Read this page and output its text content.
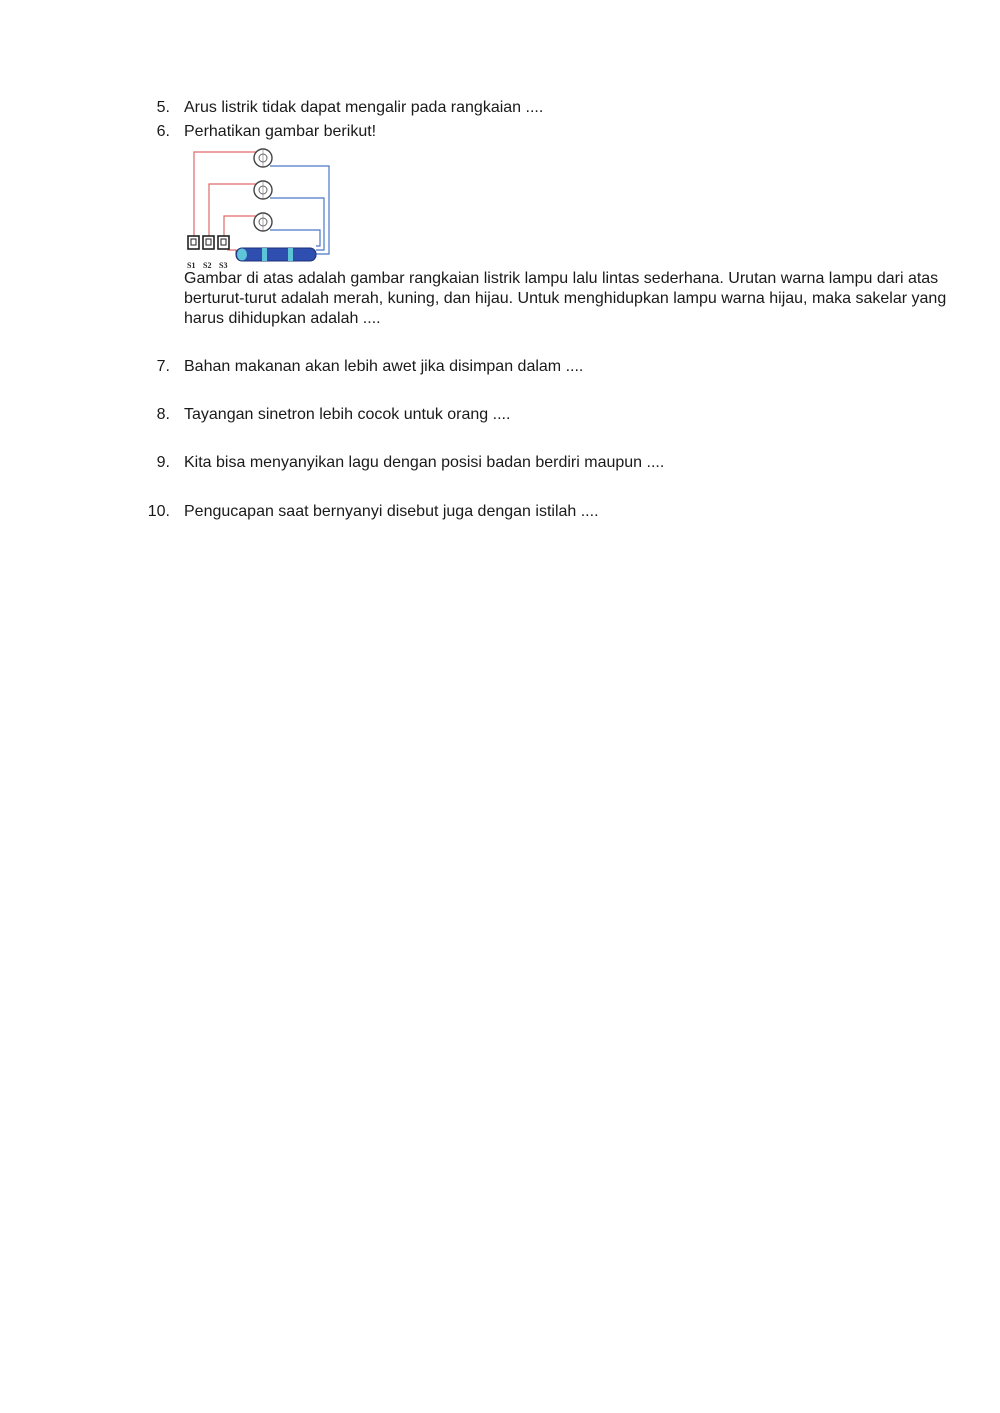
5. Arus listrik tidak dapat mengalir pada rangkaian ....
6. Perhatikan gambar berikut!
S1 S2 S3
Gambar di atas adalah gambar rangkaian listrik lampu lalu lintas sederhana. Urutan warna lampu dari atas berturut-turut adalah merah, kuning, dan hijau. Untuk menghidupkan lampu warna hijau, maka sakelar yang harus dihidupkan adalah ....
7. Bahan makanan akan lebih awet jika disimpan dalam ....
8. Tayangan sinetron lebih cocok untuk orang ....
9. Kita bisa menyanyikan lagu dengan posisi badan berdiri maupun ....
10. Pengucapan saat bernyanyi disebut juga dengan istilah ....
